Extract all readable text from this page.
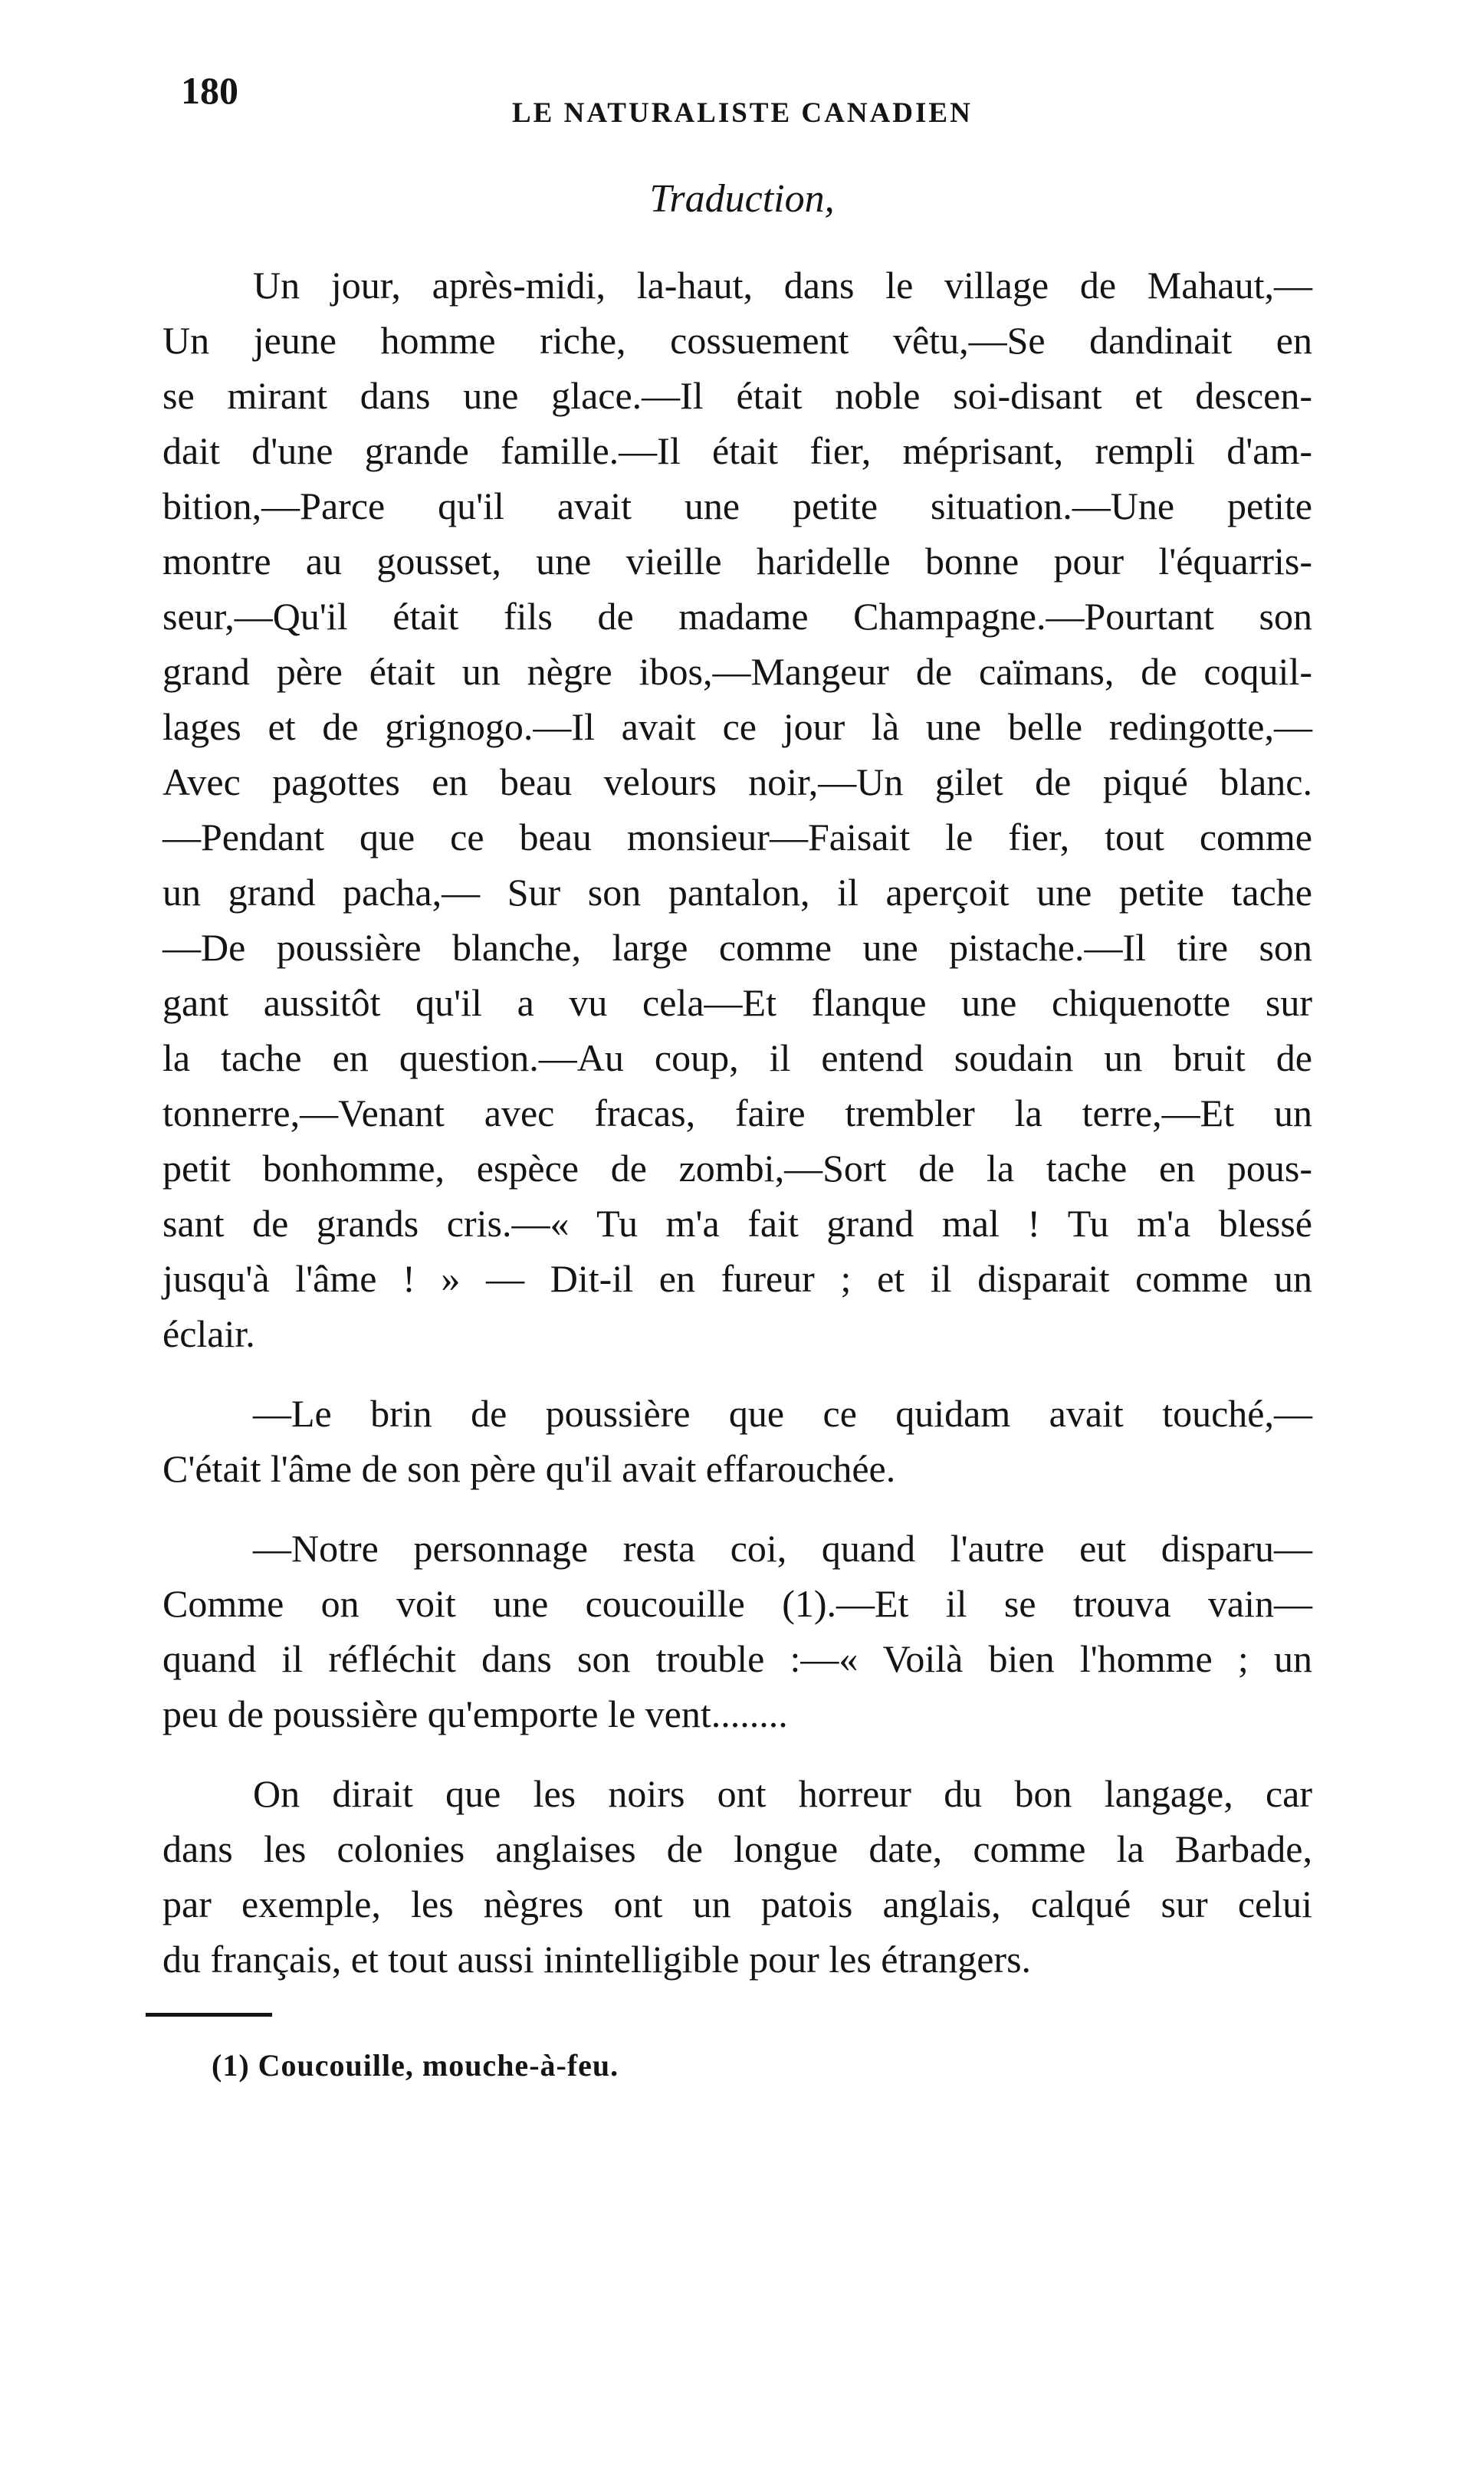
180
LE NATURALISTE CANADIEN
Traduction,
Un jour, après-midi, la-haut, dans le village de Mahaut,—
Un jeune homme riche, cossuement vêtu,—Se dandinait en
se mirant dans une glace.—Il était noble soi-disant et descen-
dait d'une grande famille.—Il était fier, méprisant, rempli d'am-
bition,—Parce qu'il avait une petite situation.—Une petite
montre au gousset, une vieille haridelle bonne pour l'équarris-
seur,—Qu'il était fils de madame Champagne.—Pourtant son
grand père était un nègre ibos,—Mangeur de caïmans, de coquil-
lages et de grignogo.—Il avait ce jour là une belle redingotte,—
Avec pagottes en beau velours noir,—Un gilet de piqué blanc.
—Pendant que ce beau monsieur—Faisait le fier, tout comme
un grand pacha,— Sur son pantalon, il aperçoit une petite tache
—De poussière blanche, large comme une pistache.—Il tire son
gant aussitôt qu'il a vu cela—Et flanque une chiquenotte sur
la tache en question.—Au coup, il entend soudain un bruit de
tonnerre,—Venant avec fracas, faire trembler la terre,—Et un
petit bonhomme, espèce de zombi,—Sort de la tache en pous-
sant de grands cris.—« Tu m'a fait grand mal ! Tu m'a blessé
jusqu'à l'âme ! » — Dit-il en fureur ; et il disparait comme un
éclair.
—Le brin de poussière que ce quidam avait touché,—
C'était l'âme de son père qu'il avait effarouchée.
—Notre personnage resta coi, quand l'autre eut disparu—
Comme on voit une coucouille (1).—Et il se trouva vain—
quand il réfléchit dans son trouble :—« Voilà bien l'homme ; un
peu de poussière qu'emporte le vent........
On dirait que les noirs ont horreur du bon langage, car
dans les colonies anglaises de longue date, comme la Barbade,
par exemple, les nègres ont un patois anglais, calqué sur celui
du français, et tout aussi inintelligible pour les étrangers.
(1) Coucouille, mouche-à-feu.
